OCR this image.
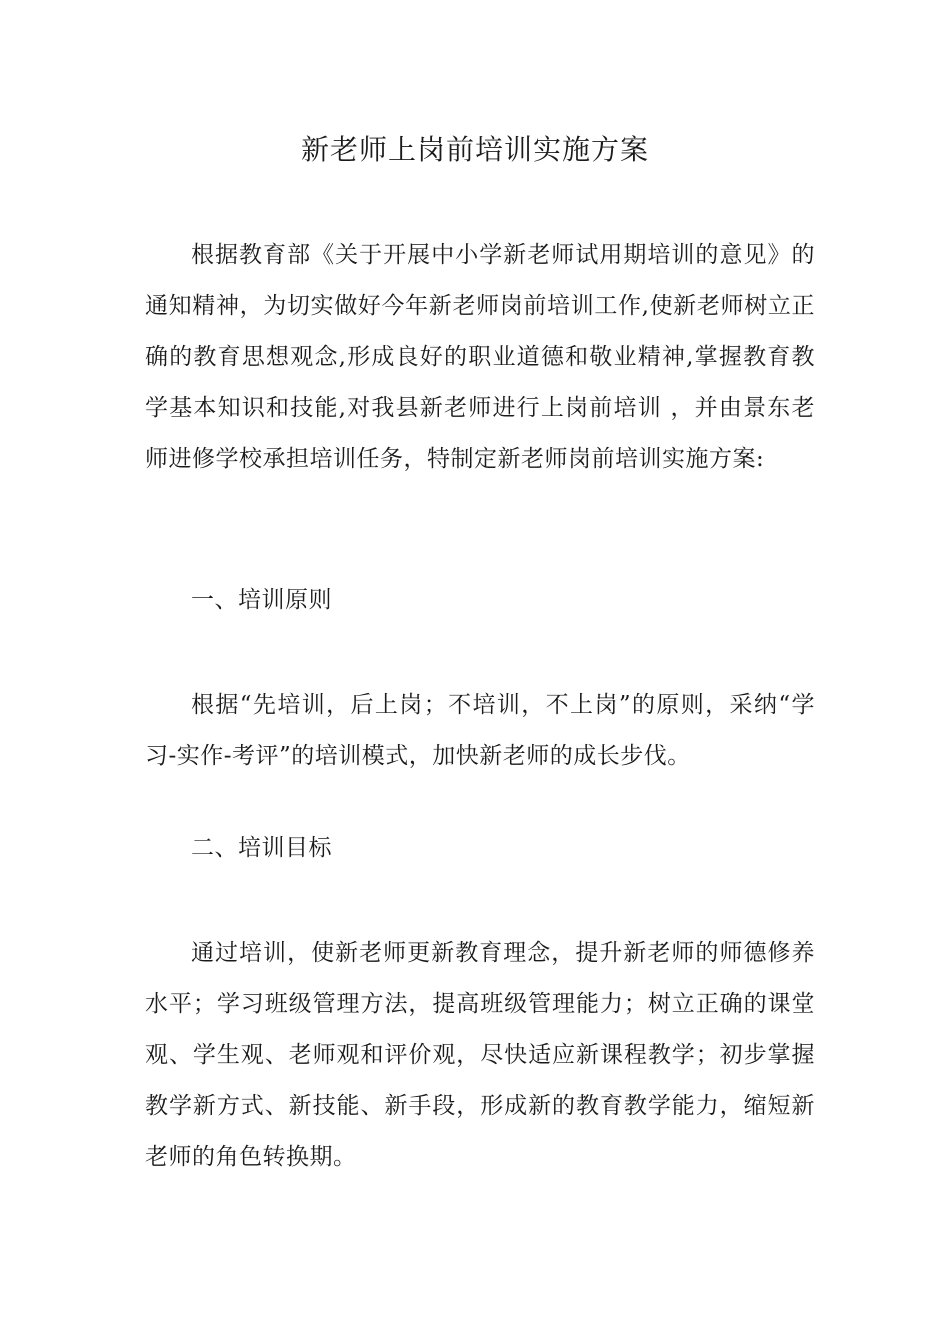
新老师上岗前培训实施方案

根据教育部《关于开展中小学新老师试用期培训的意见》的通知精神，为切实做好今年新老师岗前培训工作,使新老师树立正确的教育思想观念,形成良好的职业道德和敬业精神,掌握教育教学基本知识和技能,对我县新老师进行上岗前培训 ，并由景东老师进修学校承担培训任务，特制定新老师岗前培训实施方案:

一、培训原则

根据“先培训，后上岗；不培训，不上岗”的原则，采纳“学习-实作-考评”的培训模式，加快新老师的成长步伐。

二、培训目标

通过培训，使新老师更新教育理念，提升新老师的师德修养水平；学习班级管理方法，提高班级管理能力；树立正确的课堂观、学生观、老师观和评价观，尽快适应新课程教学；初步掌握教学新方式、新技能、新手段，形成新的教育教学能力，缩短新老师的角色转换期。
